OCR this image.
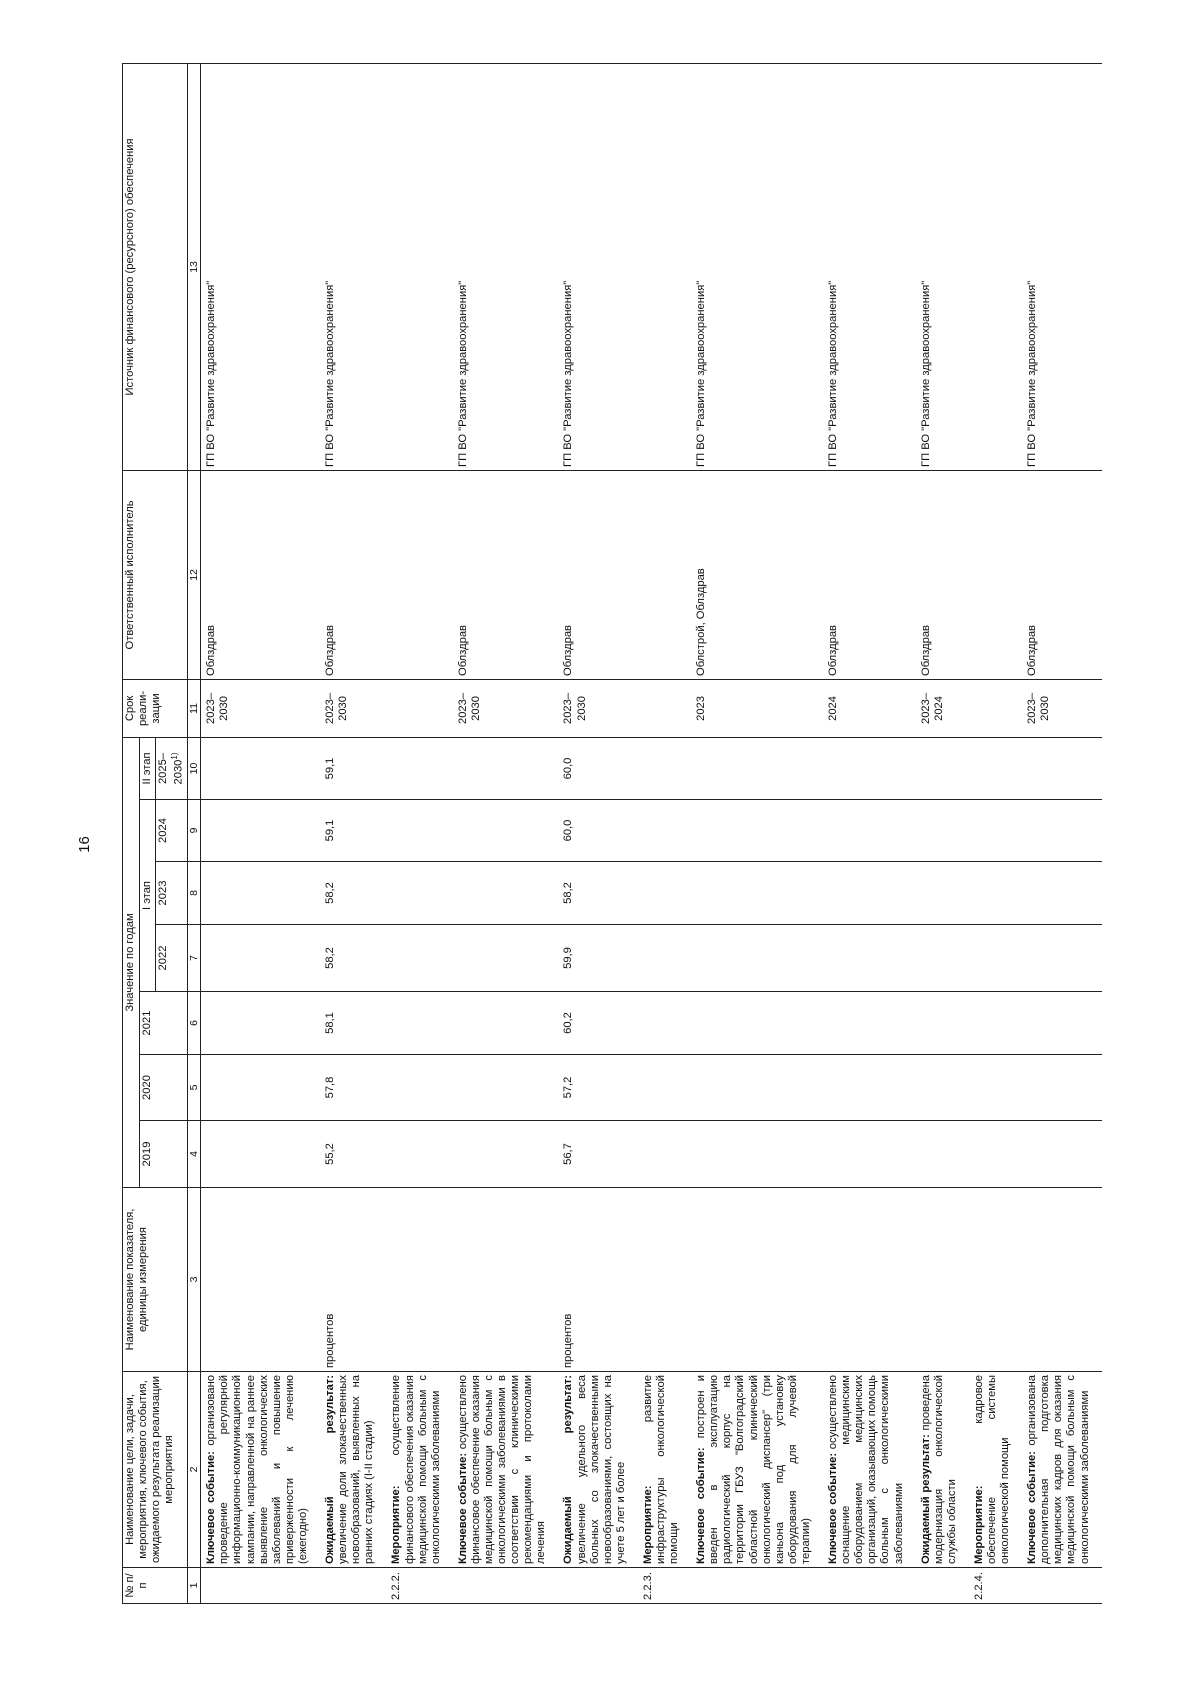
16
№ п/п	Наименование цели, задачи, мероприятия, ключевого события, ожидаемого результата реализации мероприятия	Наименование показателя, единицы измерения	Значение по годам							Срок реали-зации	Ответственный исполнитель	Источник финансового (ресурсного) обеспечения
			2019	2020	2021	I этап			II этап			
						2022	2023	2024	2025–2030$^{1)}$
1	2	3	4	5	6	7	8	9	10	11	12	13
	Ключевое событие: организовано проведение регулярной информационно-коммуникационной кампании, направленной на раннее выявление онкологических заболеваний и повышение приверженности к лечению (ежегодно)									2023–2030	Облздрав	ГП ВО "Развитие здравоохранения"
	Ожидаемый результат: увеличение доли злокачественных новообразований, выявленных на ранних стадиях (I-II стадии)	процентов	55,2	57,8	58,1	58,2	58,2	59,1	59,1	2023–2030	Облздрав	ГП ВО "Развитие здравоохранения"
2.2.2.	Мероприятие: осуществление финансового обеспечения оказания медицинской помощи больным с онкологическими заболеваниями											
	Ключевое событие: осуществлено финансовое обеспечение оказания медицинской помощи больным с онкологическими заболеваниями в соответствии с клиническими рекомендациями и протоколами лечения									2023–2030	Облздрав	ГП ВО "Развитие здравоохранения"
	Ожидаемый результат: увеличение удельного веса больных со злокачественными новообразованиями, состоящих на учете 5 лет и более	процентов	56,7	57,2	60,2	59,9	58,2	60,0	60,0	2023–2030	Облздрав	ГП ВО "Развитие здравоохранения"
2.2.3.	Мероприятие: развитие инфраструктуры онкологической помощи											
	Ключевое событие: построен и введен в эксплуатацию радиологический корпус на территории ГБУЗ "Волгоградский областной клинический онкологический диспансер" (три каньона под установку оборудования для лучевой терапии)									2023	Облстрой, Облздрав	ГП ВО "Развитие здравоохранения"
	Ключевое событие: осуществлено оснащение медицинским оборудованием медицинских организаций, оказывающих помощь больным с онкологическими заболеваниями									2024	Облздрав	ГП ВО "Развитие здравоохранения"
	Ожидаемый результат: проведена модернизация онкологической службы области									2023–2024	Облздрав	ГП ВО "Развитие здравоохранения"
2.2.4.	Мероприятие: кадровое обеспечение системы онкологической помощи											
	Ключевое событие: организована дополнительная подготовка медицинских кадров для оказания медицинской помощи больным с онкологическими заболеваниями									2023–2030	Облздрав	ГП ВО "Развитие здравоохранения"
